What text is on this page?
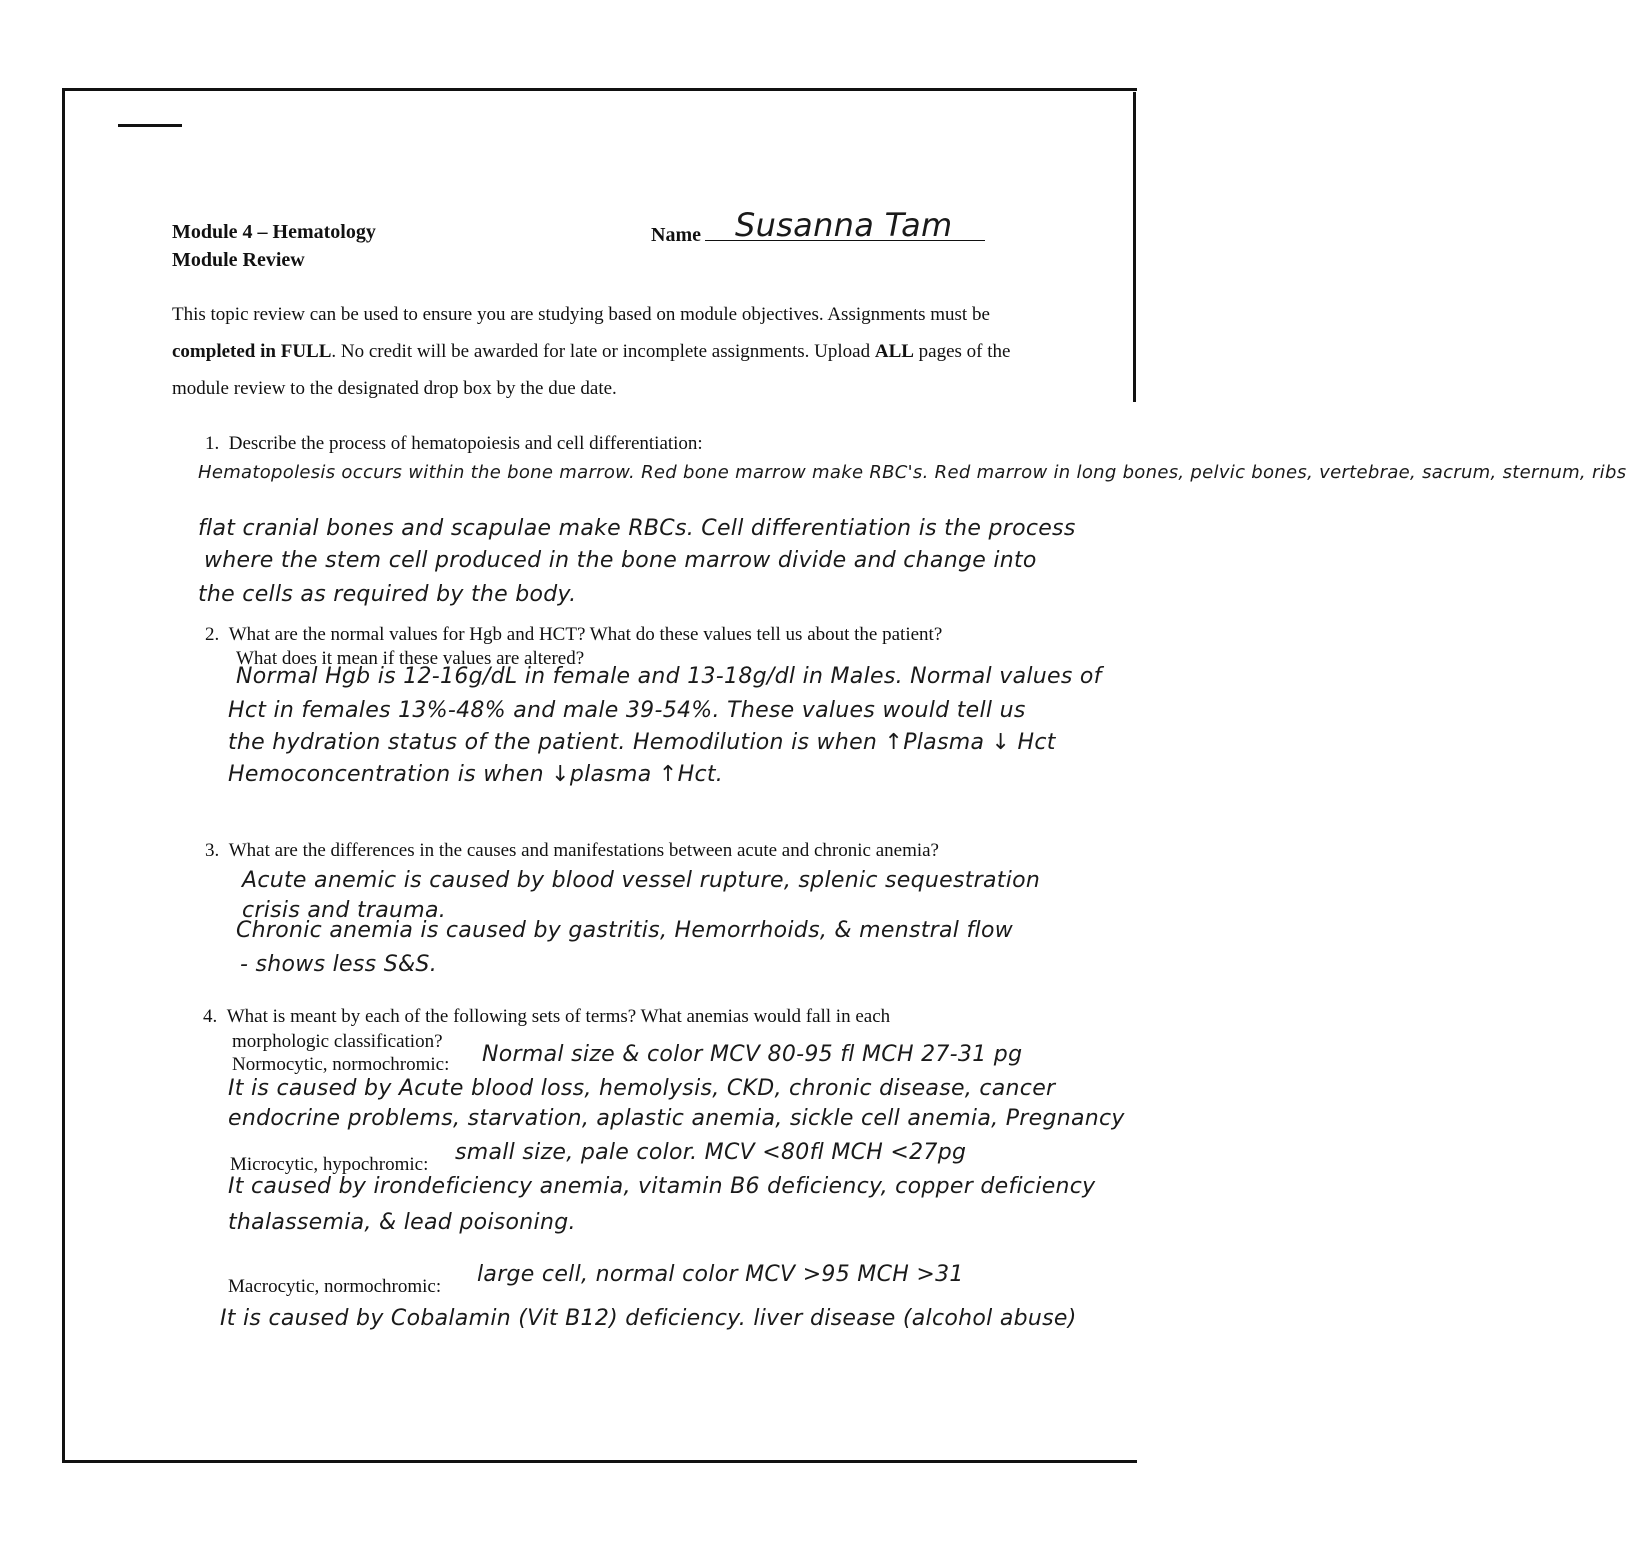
Module 4 – Hematology
Module Review
Name Susanna Tam
This topic review can be used to ensure you are studying based on module objectives. Assignments must be completed in FULL. No credit will be awarded for late or incomplete assignments. Upload ALL pages of the module review to the designated drop box by the due date.
1. Describe the process of hematopoiesis and cell differentiation:
Hematopolesis occurs within the bone marrow. Red bone marrow make RBC's. Red marrow in long bones, pelvic bones, vertebrae, sacrum, sternum, ribs
flat cranial bones and scapulae make RBCs. Cell differentiation is the process
where the stem cell produced in the bone marrow divide and change into
the cells as required by the body.
2. What are the normal values for Hgb and HCT? What do these values tell us about the patient?
What does it mean if these values are altered?
Normal Hgb is 12-16g/dL in female and 13-18g/dl in Males. Normal values of
Hct in females 13%-48% and male 39-54%. These values would tell us
the hydration status of the patient. Hemodilution is when ↑Plasma ↓ Hct
Hemoconcentration is when ↓plasma ↑Hct.
3. What are the differences in the causes and manifestations between acute and chronic anemia?
Acute anemic is caused by blood vessel rupture, splenic sequestration
crisis and trauma.
Chronic anemia is caused by gastritis, Hemorrhoids, & menstral flow
- shows less S&S.
4. What is meant by each of the following sets of terms? What anemias would fall in each
morphologic classification?
Normocytic, normochromic: Normal size & color MCV 80-95 fl MCH 27-31 pg
It is caused by Acute blood loss, hemolysis, CKD, chronic disease, cancer
endocrine problems, starvation, aplastic anemia, sickle cell anemia, Pregnancy
Microcytic, hypochromic: small size, pale color. MCV <80fl MCH <27pg
It caused by irondeficiency anemia, vitamin B6 deficiency, copper deficiency
thalassemia, & lead poisoning.
Macrocytic, normochromic: large cell, normal color MCV >95 MCH >31
It is caused by Cobalamin (Vit B12) deficiency. liver disease (alcohol abuse)
